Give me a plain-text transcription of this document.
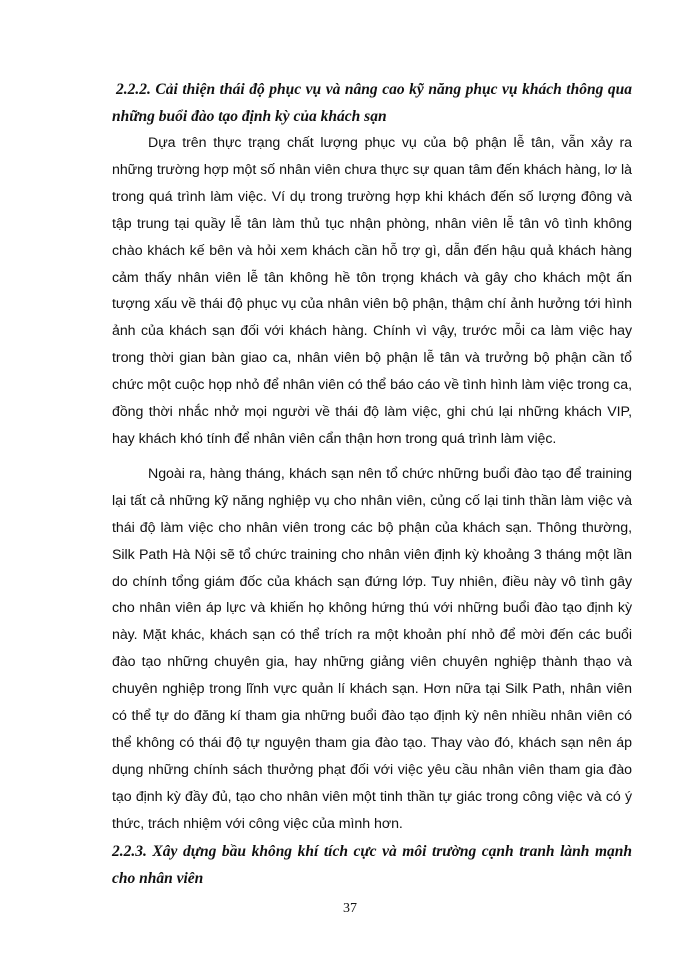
2.2.2. Cải thiện thái độ phục vụ và nâng cao kỹ năng phục vụ khách thông qua những buổi đào tạo định kỳ của khách sạn

Dựa trên thực trạng chất lượng phục vụ của bộ phận lễ tân, vẫn xảy ra những trường hợp một số nhân viên chưa thực sự quan tâm đến khách hàng, lơ là trong quá trình làm việc. Ví dụ trong trường hợp khi khách đến số lượng đông và tập trung tại quầy lễ tân làm thủ tục nhận phòng, nhân viên lễ tân vô tình không chào khách kế bên và hỏi xem khách cần hỗ trợ gì, dẫn đến hậu quả khách hàng cảm thấy nhân viên lễ tân không hề tôn trọng khách và gây cho khách một ấn tượng xấu về thái độ phục vụ của nhân viên bộ phận, thậm chí ảnh hưởng tới hình ảnh của khách sạn đối với khách hàng. Chính vì vậy, trước mỗi ca làm việc hay trong thời gian bàn giao ca, nhân viên bộ phận lễ tân và trưởng bộ phận cần tổ chức một cuộc họp nhỏ để nhân viên có thể báo cáo về tình hình làm việc trong ca, đồng thời nhắc nhở mọi người về thái độ làm việc, ghi chú lại những khách VIP, hay khách khó tính để nhân viên cẩn thận hơn trong quá trình làm việc.

Ngoài ra, hàng tháng, khách sạn nên tổ chức những buổi đào tạo để training lại tất cả những kỹ năng nghiệp vụ cho nhân viên, củng cố lại tinh thần làm việc và thái độ làm việc cho nhân viên trong các bộ phận của khách sạn. Thông thường, Silk Path Hà Nội sẽ tổ chức training cho nhân viên định kỳ khoảng 3 tháng một lần do chính tổng giám đốc của khách sạn đứng lớp. Tuy nhiên, điều này vô tình gây cho nhân viên áp lực và khiến họ không hứng thú với những buổi đào tạo định kỳ này. Mặt khác, khách sạn có thể trích ra một khoản phí nhỏ để mời đến các buổi đào tạo những chuyên gia, hay những giảng viên chuyên nghiệp thành thạo và chuyên nghiệp trong lĩnh vực quản lí khách sạn. Hơn nữa tại Silk Path, nhân viên có thể tự do đăng kí tham gia những buổi đào tạo định kỳ nên nhiều nhân viên có thể không có thái độ tự nguyện tham gia đào tạo. Thay vào đó, khách sạn nên áp dụng những chính sách thưởng phạt đối với việc yêu cầu nhân viên tham gia đào tạo định kỳ đầy đủ, tạo cho nhân viên một tinh thần tự giác trong công việc và có ý thức, trách nhiệm với công việc của mình hơn.

2.2.3. Xây dựng bầu không khí tích cực và môi trường cạnh tranh lành mạnh cho nhân viên

37
